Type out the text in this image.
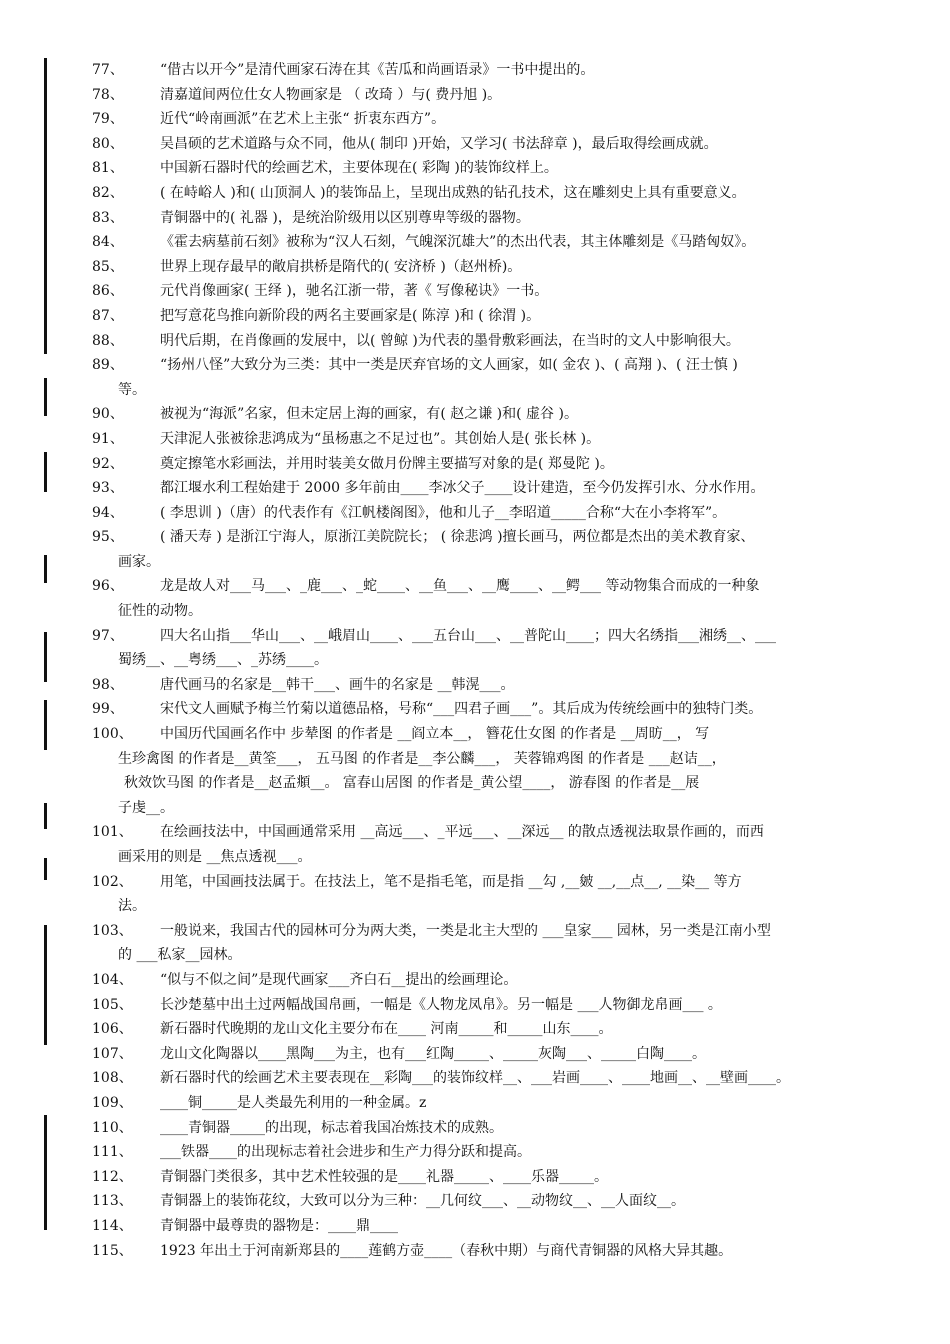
77、	“借古以开今”是清代画家石涛在其《苦瓜和尚画语录》一书中提出的。
78、	清嘉道间两位仕女人物画家是 （ 改琦 ）与( 费丹旭 )。
79、	近代“岭南画派”在艺术上主张“ 折衷东西方”。
80、	吴昌硕的艺术道路与众不同，他从( 制印 )开始，又学习( 书法辞章 )，最后取得绘画成就。
81、	中国新石器时代的绘画艺术，主要体现在( 彩陶 )的装饰纹样上。
82、	( 在峙峪人 )和( 山顶洞人 )的装饰品上，呈现出成熟的钻孔技术，这在雕刻史上具有重要意义。
83、	青铜器中的( 礼器 )，是统治阶级用以区别尊卑等级的器物。
84、	《霍去病墓前石刻》被称为“汉人石刻，气魄深沉雄大”的杰出代表，其主体雕刻是《马踏匈奴》。
85、	世界上现存最早的敞肩拱桥是隋代的( 安济桥 )（赵州桥)。
86、	元代肖像画家( 王绎 )，驰名江浙一带，著《 写像秘诀》一书。
87、	把写意花鸟推向新阶段的两名主要画家是( 陈淳 )和 ( 徐渭 )。
88、	明代后期，在肖像画的发展中，以( 曾鲸 )为代表的墨骨敷彩画法，在当时的文人中影响很大。
89、	“扬州八怪”大致分为三类：其中一类是厌弃官场的文人画家，如( 金农 )、( 高翔 )、( 汪士慎 )
等。
90、	被视为“海派”名家，但未定居上海的画家，有( 赵之谦 )和( 虚谷 )。
91、	天津泥人张被徐悲鸿成为“虽杨惠之不足过也”。其创始人是( 张长林 )。
92、	奠定擦笔水彩画法，并用时装美女做月份牌主要描写对象的是( 郑曼陀 )。
93、	都江堰水利工程始建于 2000 多年前由____李冰父子____设计建造，至今仍发挥引水、分水作用。
94、	( 李思训 )（唐）的代表作有《江帆楼阁图》，他和儿子__李昭道_____合称“大在小李将军”。
95、	( 潘天寿 ) 是浙江宁海人，原浙江美院院长； ( 徐悲鸿 )擅长画马，两位都是杰出的美术教育家、
画家。
96、	龙是故人对___马___、_鹿___、_蛇____、__鱼___、__鹰____、__鳄___ 等动物集合而成的一种象
征性的动物。
97、	四大名山指___华山___、__峨眉山____、___五台山___、__普陀山____；四大名绣指___湘绣__、___
蜀绣__、__粤绣___、_苏绣____。
98、	唐代画马的名家是__韩干___、画牛的名家是 __韩滉___。
99、	宋代文人画赋予梅兰竹菊以道德品格，号称“___四君子画___”。其后成为传统绘画中的独特门类。
100、	中国历代国画名作中 步辇图 的作者是 __阎立本__， 簪花仕女图 的作者是 __周昉__， 写
生珍禽图 的作者是__黄筌___， 五马图 的作者是__李公麟___， 芙蓉锦鸡图 的作者是 ___赵诘__，
秋效饮马图 的作者是__赵孟頫__。 富春山居图 的作者是_黄公望____， 游春图 的作者是__展
子虔__。
101、	在绘画技法中，中国画通常采用 __高远___、_平远___、__深远__ 的散点透视法取景作画的，而西
画采用的则是 __焦点透视___。
102、	用笔，中国画技法属于。在技法上，笔不是指毛笔，而是指 __勾 ,__皴 __,__点__, __染__ 等方
法。
103、	一般说来，我国古代的园林可分为两大类，一类是北主大型的 ___皇家___ 园林，另一类是江南小型
的 ___私家__园林。
104、	“似与不似之间”是现代画家___齐白石__提出的绘画理论。
105、	长沙楚墓中出土过两幅战国帛画，一幅是《人物龙凤帛》。另一幅是 ___人物御龙帛画___ 。
106、	新石器时代晚期的龙山文化主要分布在____ 河南_____和_____山东____。
107、	龙山文化陶器以____黑陶___为主，也有___红陶_____、_____灰陶___、_____白陶____。
108、	新石器时代的绘画艺术主要表现在__彩陶___的装饰纹样__、___岩画____、____地画__、__壁画____。
109、	____铜_____是人类最先利用的一种金属。z
110、	____青铜器_____的出现，标志着我国冶炼技术的成熟。
111、	___铁器____的出现标志着社会进步和生产力得分跃和提高。
112、	青铜器门类很多，其中艺术性较强的是____礼器_____、____乐器_____。
113、	青铜器上的装饰花纹，大致可以分为三种：__几何纹___、__动物纹__、__人面纹__。
114、	青铜器中最尊贵的器物是：____鼎____
115、	1923 年出土于河南新郑县的____莲鹤方壶____（春秋中期）与商代青铜器的风格大异其趣。
